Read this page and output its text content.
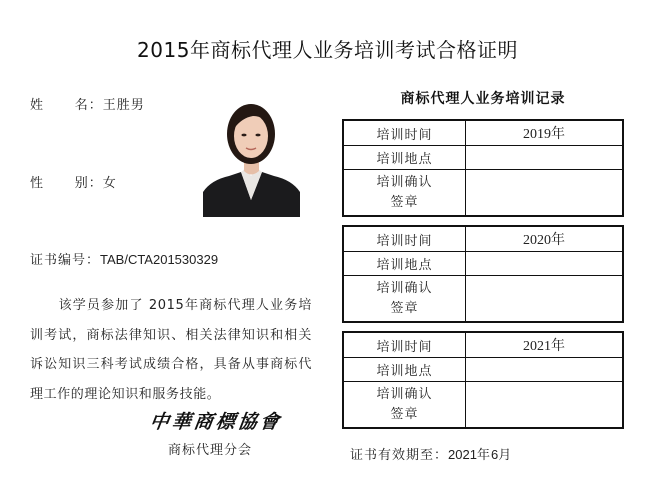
2015年商标代理人业务培训考试合格证明
姓      名：王胜男
性      别：女
证书编号：TAB/CTA201530329
该学员参加了 2015年商标代理人业务培训考试，商标法律知识、相关法律知识和相关诉讼知识三科考试成绩合格，具备从事商标代理工作的理论知识和服务技能。
中華商標協會
商标代理分会
商标代理人业务培训记录
培训时间	2019年
培训地点	

培训确认
签章	

培训时间	2020年
培训地点	

培训确认
签章	

培训时间	2021年
培训地点	

培训确认
签章	

证书有效期至：2021年6月
